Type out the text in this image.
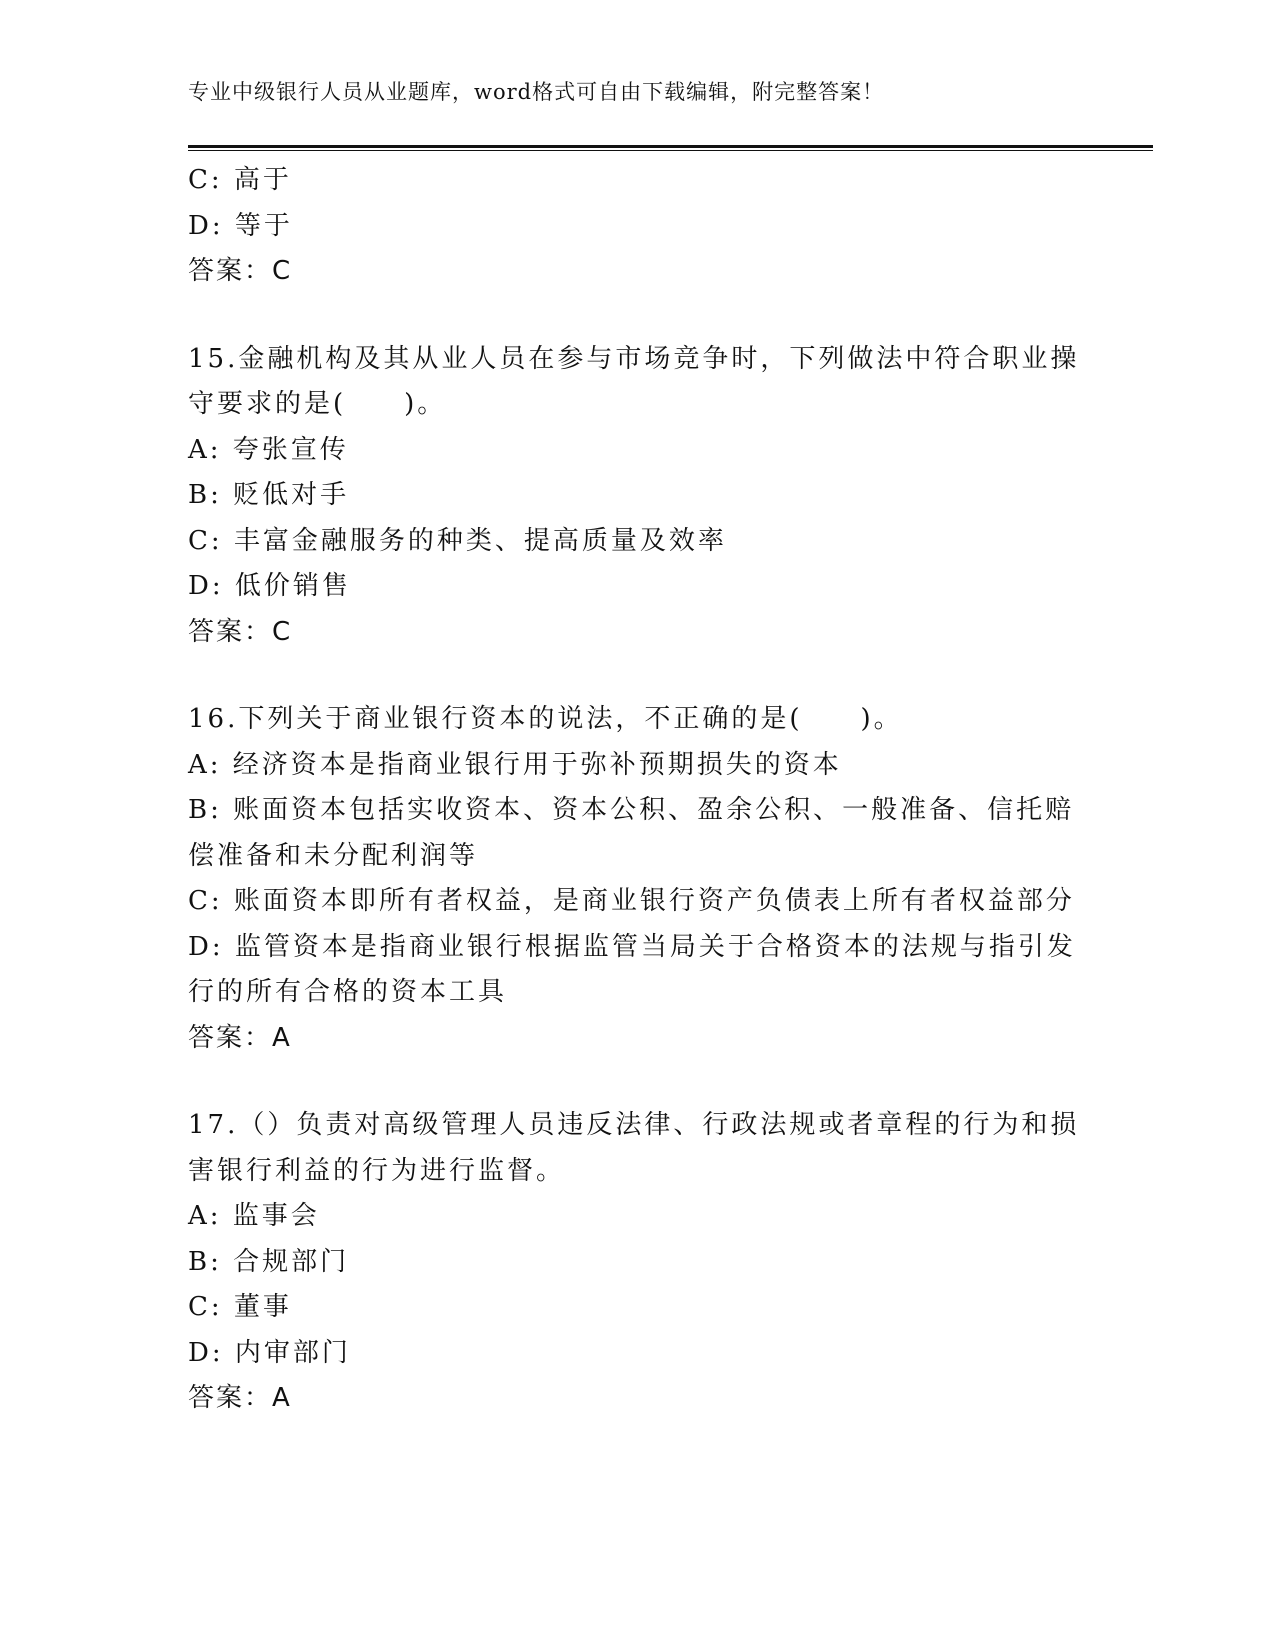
专业中级银行人员从业题库，word格式可自由下载编辑，附完整答案！
C: 高于
D: 等于
答案：C
15.金融机构及其从业人员在参与市场竞争时，下列做法中符合职业操
守要求的是(　　)。
A: 夸张宣传
B: 贬低对手
C: 丰富金融服务的种类、提高质量及效率
D: 低价销售
答案：C
16.下列关于商业银行资本的说法，不正确的是(　　)。
A: 经济资本是指商业银行用于弥补预期损失的资本
B: 账面资本包括实收资本、资本公积、盈余公积、一般准备、信托赔
偿准备和未分配利润等
C: 账面资本即所有者权益，是商业银行资产负债表上所有者权益部分
D: 监管资本是指商业银行根据监管当局关于合格资本的法规与指引发
行的所有合格的资本工具
答案：A
17.（）负责对高级管理人员违反法律、行政法规或者章程的行为和损
害银行利益的行为进行监督。
A: 监事会
B: 合规部门
C: 董事
D: 内审部门
答案：A
